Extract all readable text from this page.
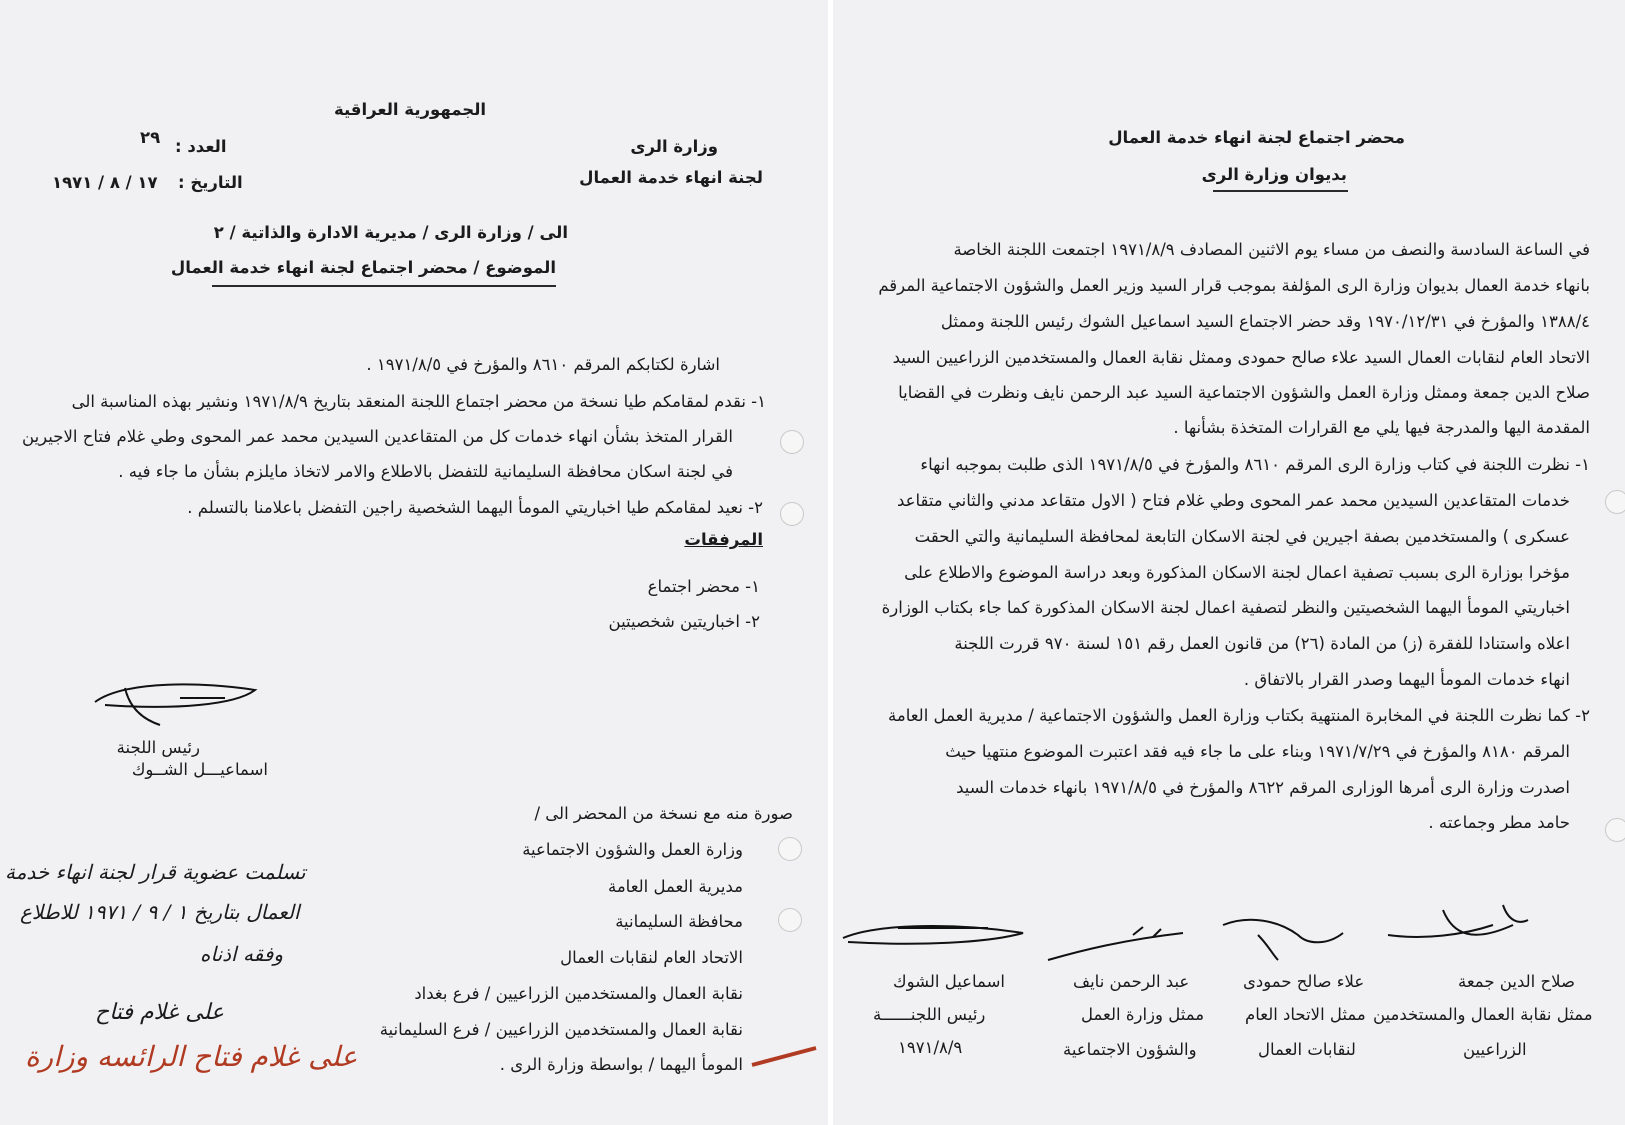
الجمهورية العراقية
وزارة الرى
لجنة انهاء خدمة العمال
العدد :
٢٩
التاريخ :
١٧ / ٨ / ١٩٧١
الى / وزارة الرى / مديرية الادارة والذاتية / ٢
الموضوع / محضر اجتماع لجنة انهاء خدمة العمال
اشارة لكتابكم المرقم ٨٦١٠ والمؤرخ في ١٩٧١/٨/٥ .
١- نقدم لمقامكم طيا نسخة من محضر اجتماع اللجنة المنعقد بتاريخ ١٩٧١/٨/٩ ونشير بهذه المناسبة الى
القرار المتخذ بشأن انهاء خدمات كل من المتقاعدين السيدين محمد عمر المحوى وطي غلام فتاح الاجيرين
في لجنة اسكان محافظة السليمانية للتفضل بالاطلاع والامر لاتخاذ مايلزم بشأن ما جاء فيه .
٢- نعيد لمقامكم طيا اخباريتي المومأ اليهما الشخصية راجين التفضل باعلامنا بالتسلم .
المرفقات
١- محضر اجتماع
٢- اخباريتين شخصيتين
رئيس اللجنة
اسماعيـــل الشــوك
صورة منه مع نسخة من المحضر الى /
وزارة العمل والشؤون الاجتماعية
مديرية العمل العامة
محافظة السليمانية
الاتحاد العام لنقابات العمال
نقابة العمال والمستخدمين الزراعيين / فرع بغداد
نقابة العمال والمستخدمين الزراعيين / فرع السليمانية
المومأ اليهما / بواسطة وزارة الرى .
تسلمت عضوية قرار لجنة انهاء خدمة
العمال بتاريخ ١ / ٩ / ١٩٧١ للاطلاع
وفقه اذناه
على غلام فتاح
على غلام فتاح الرائسه وزارة
محضر اجتماع لجنة انهاء خدمة العمال
بديوان وزارة الرى
في الساعة السادسة والنصف من مساء يوم الاثنين المصادف ١٩٧١/٨/٩ اجتمعت اللجنة الخاصة
بانهاء خدمة العمال بديوان وزارة الرى المؤلفة بموجب قرار السيد وزير العمل والشؤون الاجتماعية المرقم
١٣٨٨/٤ والمؤرخ في ١٩٧٠/١٢/٣١ وقد حضر الاجتماع السيد اسماعيل الشوك رئيس اللجنة وممثل
الاتحاد العام لنقابات العمال السيد علاء صالح حمودى وممثل نقابة العمال والمستخدمين الزراعيين السيد
صلاح الدين جمعة وممثل وزارة العمل والشؤون الاجتماعية السيد عبد الرحمن نايف ونظرت في القضايا
المقدمة اليها والمدرجة فيها يلي مع القرارات المتخذة بشأنها .
١- نظرت اللجنة في كتاب وزارة الرى المرقم ٨٦١٠ والمؤرخ في ١٩٧١/٨/٥ الذى طلبت بموجبه انهاء
خدمات المتقاعدين السيدين محمد عمر المحوى وطي غلام فتاح ( الاول متقاعد مدني والثاني متقاعد
عسكرى ) والمستخدمين بصفة اجيرين في لجنة الاسكان التابعة لمحافظة السليمانية والتي الحقت
مؤخرا بوزارة الرى بسبب تصفية اعمال لجنة الاسكان المذكورة وبعد دراسة الموضوع والاطلاع على
اخباريتي المومأ اليهما الشخصيتين والنظر لتصفية اعمال لجنة الاسكان المذكورة كما جاء بكتاب الوزارة
اعلاه واستنادا للفقرة (ز) من المادة (٢٦) من قانون العمل رقم ١٥١ لسنة ٩٧٠ قررت اللجنة
انهاء خدمات المومأ اليهما وصدر القرار بالاتفاق .
٢- كما نظرت اللجنة في المخابرة المنتهية بكتاب وزارة العمل والشؤون الاجتماعية / مديرية العمل العامة
المرقم ٨١٨٠ والمؤرخ في ١٩٧١/٧/٢٩ وبناء على ما جاء فيه فقد اعتبرت الموضوع منتهيا حيث
اصدرت وزارة الرى أمرها الوزارى المرقم ٨٦٢٢ والمؤرخ في ١٩٧١/٨/٥ بانهاء خدمات السيد
حامد مطر وجماعته .
صلاح الدين جمعة
ممثل نقابة العمال والمستخدمين
الزراعيين
علاء صالح حمودى
ممثل الاتحاد العام
لنقابات العمال
عبد الرحمن نايف
ممثل وزارة العمل
والشؤون الاجتماعية
اسماعيل الشوك
رئيس اللجنــــــة
١٩٧١/٨/٩
